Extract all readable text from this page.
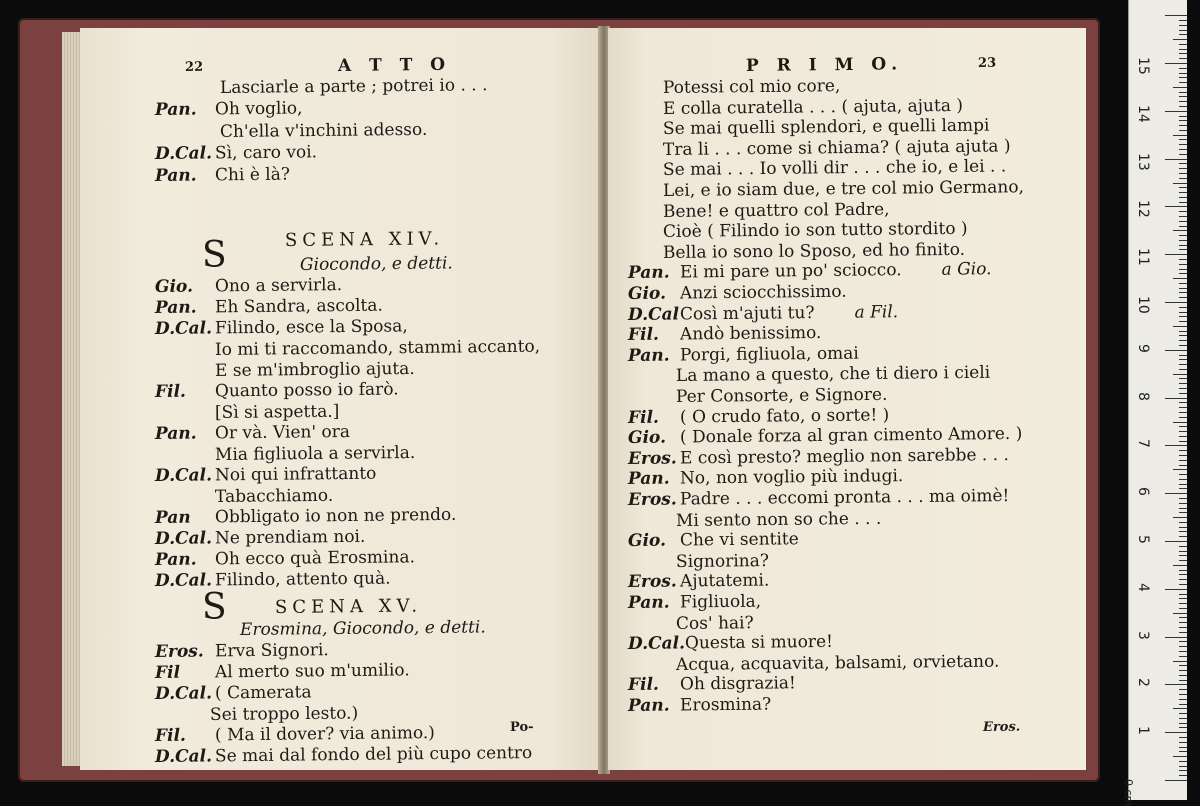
22	A T T O
Lasciarle a parte ; potrei io . . .
Pan. Oh voglio,
Ch'ella v'inchini adesso.
D.Cal. Sì, caro voi.
Pan. Chi è là?
SCENA XIV.
Giocondo, e detti.
Gio. Ono a servirla.
Pan. Eh Sandra, ascolta.
D.Cal. Filindo, esce la Sposa,
Io mi ti raccomando, stammi accanto,
E se m'imbroglio ajuta.
Fil. Quanto posso io farò.
[Sì si aspetta.]
Pan. Or và. Vien' ora
Mia figliuola a servirla.
D.Cal. Noi qui infrattanto
Tabacchiamo.
Pan Obbligato io non ne prendo.
D.Cal. Ne prendiam noi.
Pan. Oh ecco quà Erosmina.
D.Cal. Filindo, attento quà.
SCENA XV.
Erosmina, Giocondo, e detti.
Eros. Erva Signori.
Fil Al merto suo m'umilio.
D.Cal. ( Camerata
Sei troppo lesto.)
Fil. ( Ma il dover? via animo.)
D.Cal. Se mai dal fondo del più cupo centro
Po-
S
S
P R I M O.	23
Potessi col mio core,
E colla curatella . . . ( ajuta, ajuta )
Se mai quelli splendori, e quelli lampi
Tra li . . . come si chiama? ( ajuta ajuta )
Se mai . . . Io volli dir . . . che io, e lei . .
Lei, e io siam due, e tre col mio Germano,
Bene! e quattro col Padre,
Cioè ( Filindo io son tutto stordito )
Bella io sono lo Sposo, ed ho finito.
Pan. Ei mi pare un po' sciocco. a Gio.
Gio. Anzi sciocchissimo.
D.CalCosì m'ajuti tu? a Fil.
Fil. Andò benissimo.
Pan. Porgi, figliuola, omai
La mano a questo, che ti diero i cieli
Per Consorte, e Signore.
Fil. ( O crudo fato, o sorte! )
Gio. ( Donale forza al gran cimento Amore. )
Eros. E così presto? meglio non sarebbe . . .
Pan. No, non voglio più indugi.
Eros. Padre . . . eccomi pronta . . . ma oimè!
Mi sento non so che . . .
Gio. Che vi sentite
Signorina?
Eros. Ajutatemi.
Pan. Figliuola,
Cos' hai?
D.Cal.Questa si muore!
Acqua, acquavita, balsami, orvietano.
Fil. Oh disgrazia!
Pan. Erosmina?
Eros.
0 cm
1
2
3
4
5
6
7
8
9
10
11
12
13
14
15
